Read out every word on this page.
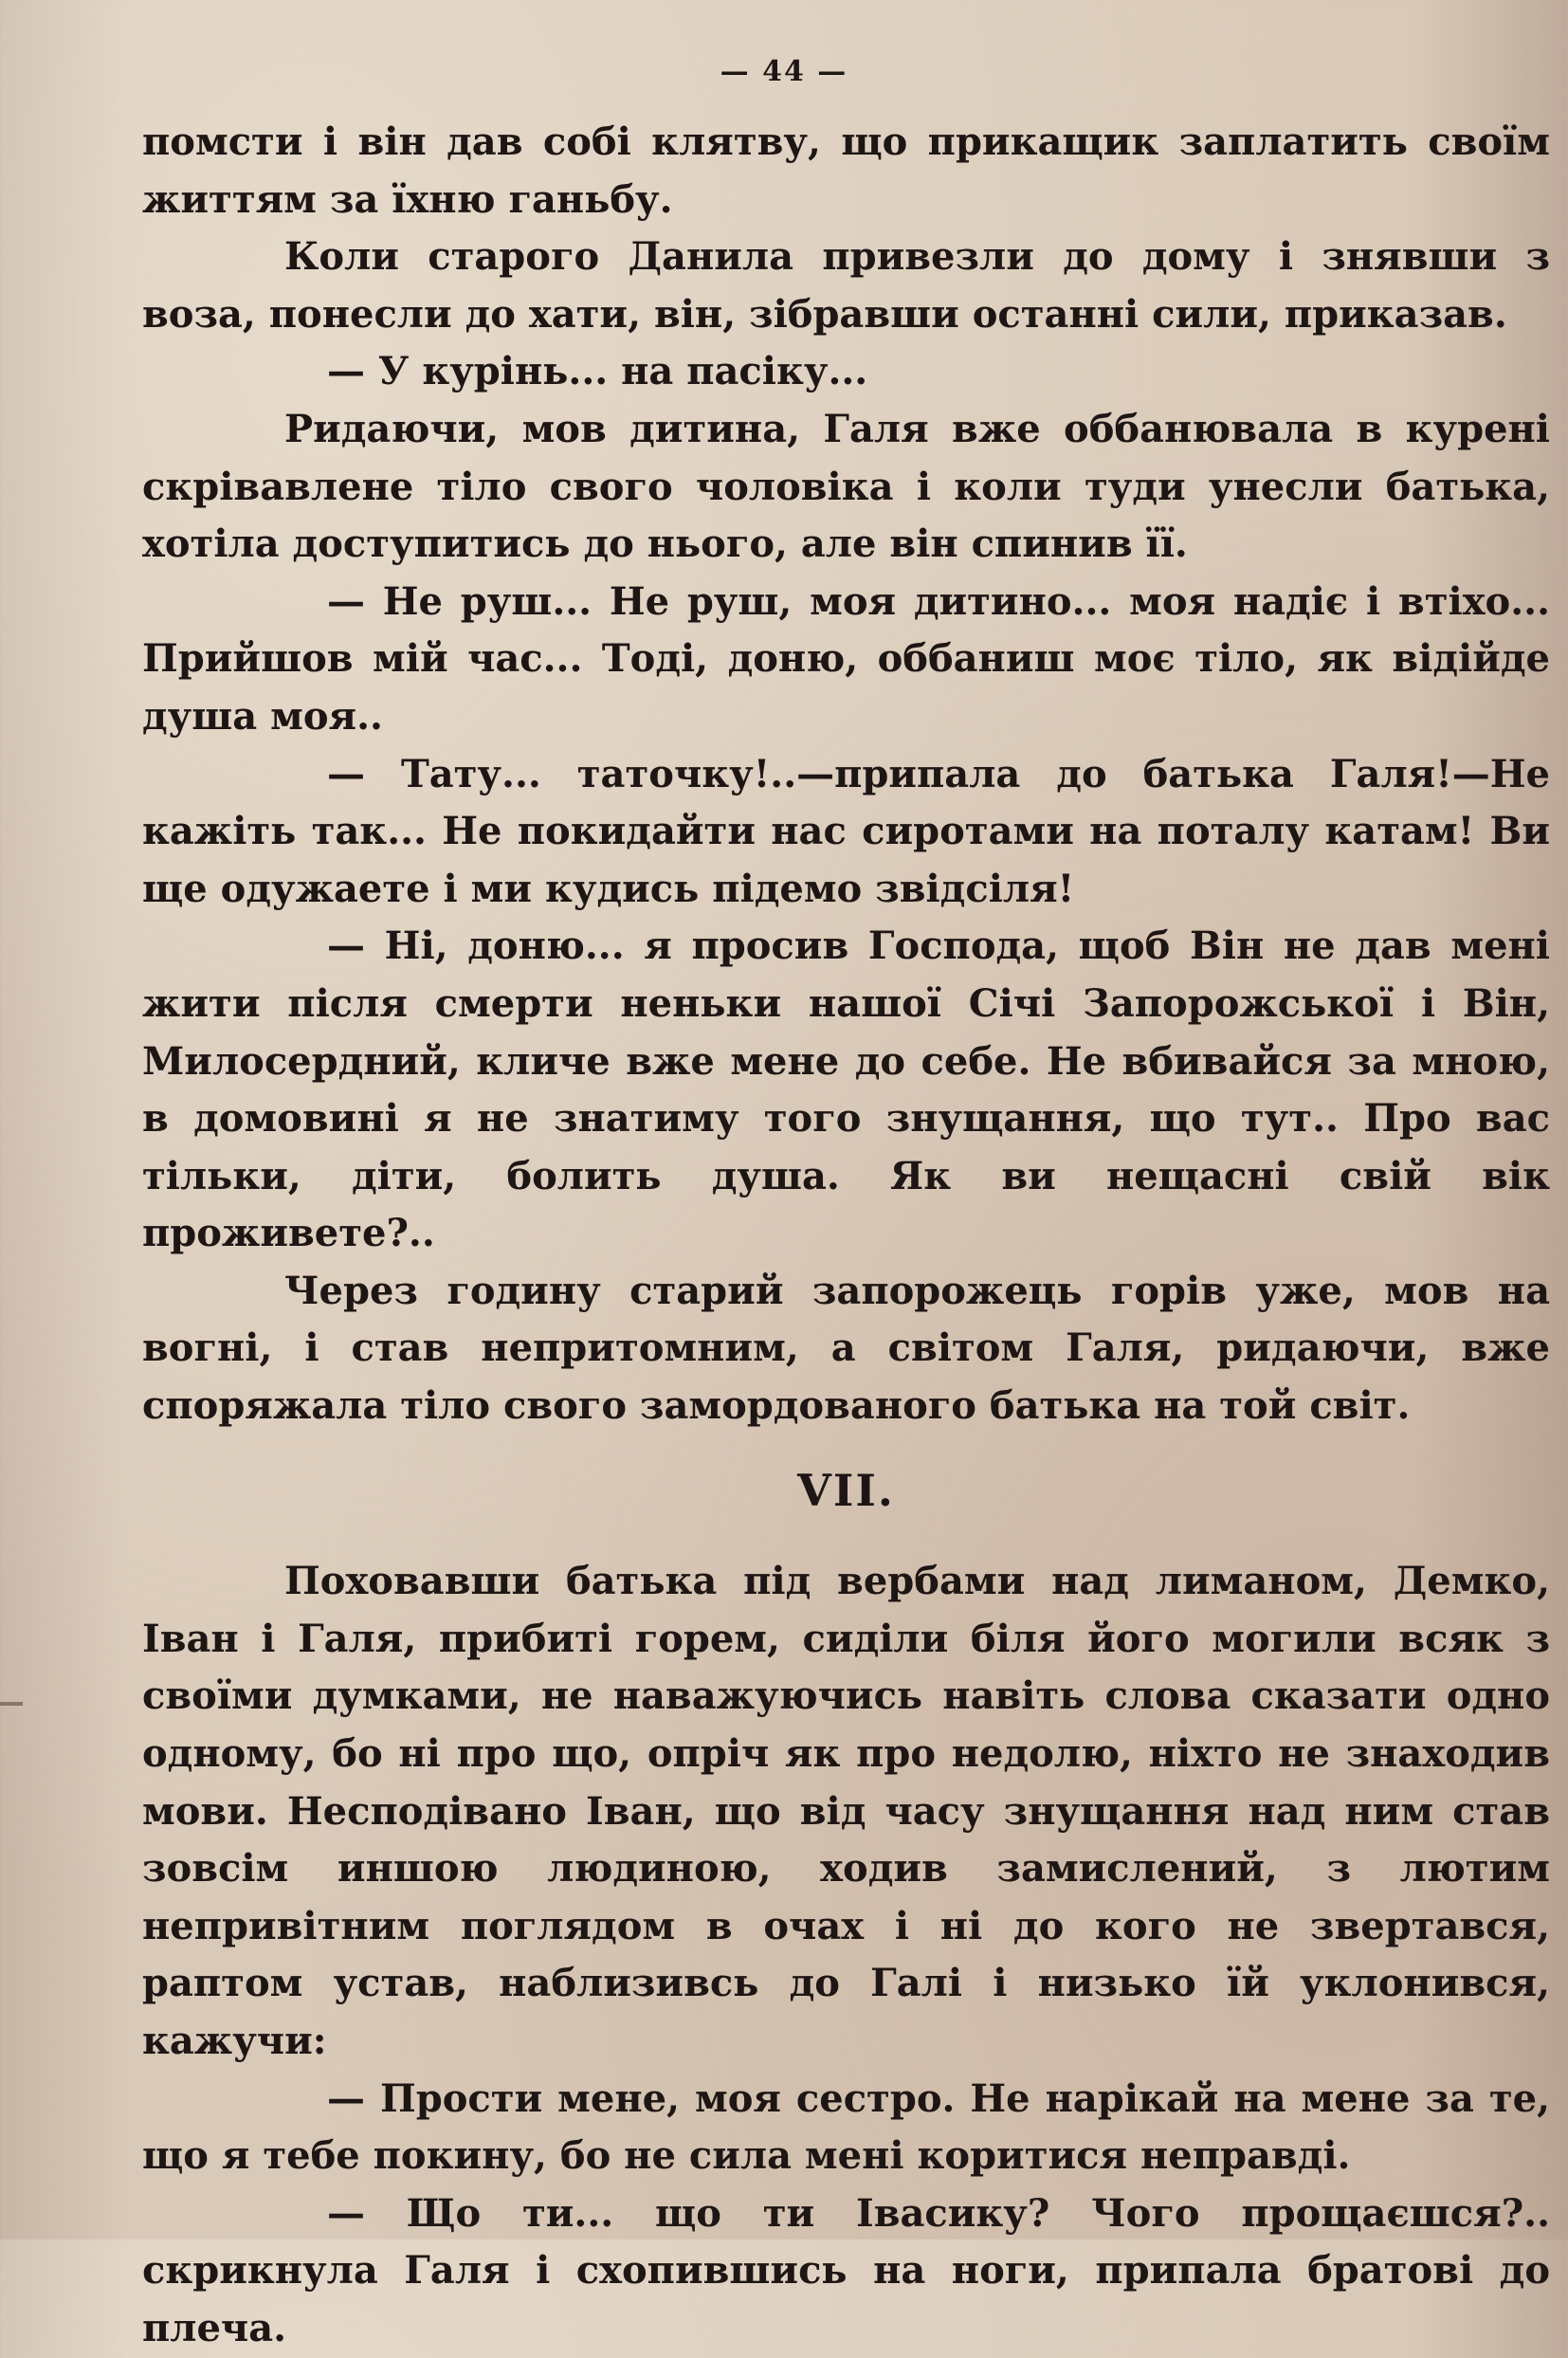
— 44 —

помсти і він дав собі клятву, що прикащик заплатить своїм життям за їхню ганьбу.

Коли старого Данила привезли до дому і знявши з воза, понесли до хати, він, зібравши останні сили, приказав.

— У курінь... на пасіку...

Ридаючи, мов дитина, Галя вже оббанювала в курені скрівавлене тіло свого чоловіка і коли туди унесли батька, хотіла доступитись до нього, але він спинив її.

— Не руш... Не руш, моя дитино... моя надіє і втіхо... Прийшов мій час... Тоді, доню, оббаниш моє тіло, як відійде душа моя..

— Тату... таточку!..—припала до батька Галя!—Не кажіть так... Не покидайти нас сиротами на поталу катам! Ви ще одужаете і ми кудись підемо звідсіля!

— Ні, доню... я просив Господа, щоб Він не дав мені жити після смерти неньки нашої Січі Запорожської і Він, Милосердний, кличе вже мене до себе. Не вбивайся за мною, в домовині я не знатиму того знущання, що тут.. Про вас тільки, діти, болить душа. Як ви нещасні свій вік проживете?..

Через годину старий запорожець горів уже, мов на вогні, і став непритомним, а світом Галя, ридаючи, вже споряжала тіло свого замордованого батька на той світ.

VII.

Поховавши батька під вербами над лиманом, Демко, Іван і Галя, прибиті горем, сиділи біля його могили всяк з своїми думками, не наважуючись навіть слова сказати одно одному, бо ні про що, опріч як про недолю, ніхто не знаходив мови. Несподівано Іван, що від часу знущання над ним став зовсім иншою людиною, ходив замислений, з лютим непривітним поглядом в очах і ні до кого не звертався, раптом устав, наблизивсь до Галі і низько їй уклонився, кажучи:

— Прости мене, моя сестро. Не нарікай на мене за те, що я тебе покину, бо не сила мені коритися неправді.

— Що ти... що ти Івасику? Чого прощаєшся?.. скрикнула Галя і схопившись на ноги, припала братові до плеча.
